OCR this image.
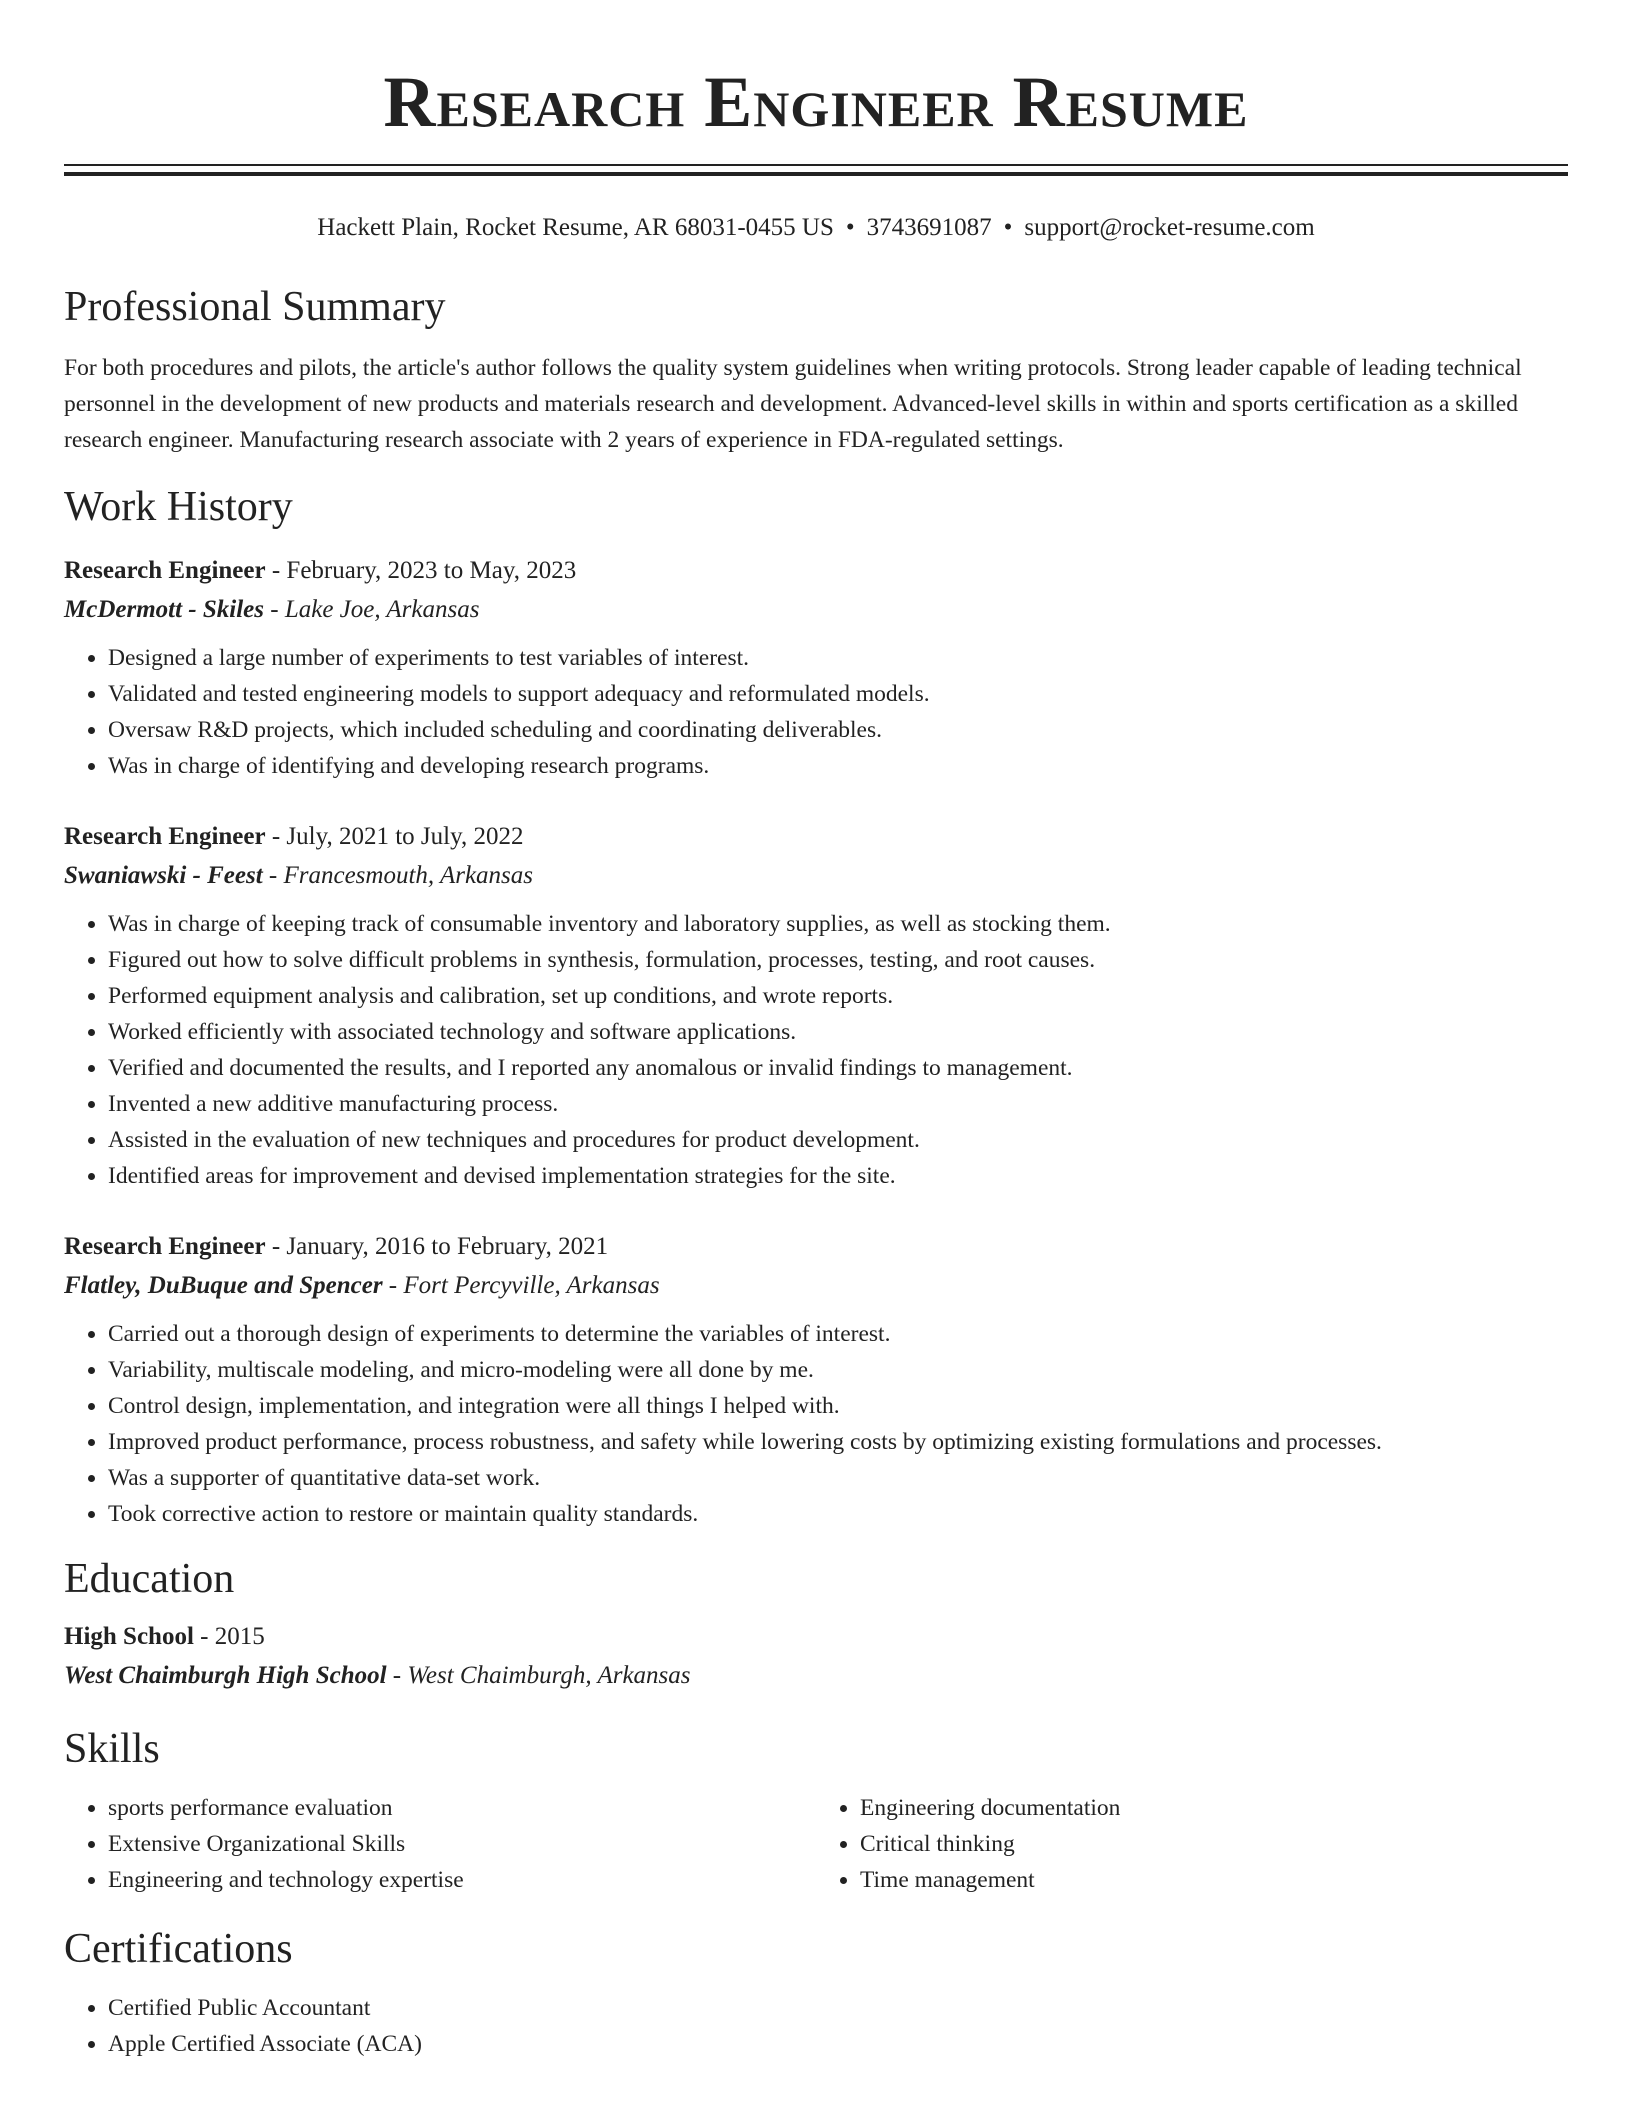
Research Engineer Resume
Hackett Plain, Rocket Resume, AR 68031-0455 US • 3743691087 • support@rocket-resume.com
Professional Summary

For both procedures and pilots, the article's author follows the quality system guidelines when writing protocols. Strong leader capable of leading technical personnel in the development of new products and materials research and development. Advanced-level skills in within and sports certification as a skilled research engineer. Manufacturing research associate with 2 years of experience in FDA-regulated settings.

Work History
Research Engineer - February, 2023 to May, 2023
McDermott - Skiles - Lake Joe, Arkansas
• Designed a large number of experiments to test variables of interest.
• Validated and tested engineering models to support adequacy and reformulated models.
• Oversaw R&D projects, which included scheduling and coordinating deliverables.
• Was in charge of identifying and developing research programs.
Research Engineer - July, 2021 to July, 2022
Swaniawski - Feest - Francesmouth, Arkansas
• Was in charge of keeping track of consumable inventory and laboratory supplies, as well as stocking them.
• Figured out how to solve difficult problems in synthesis, formulation, processes, testing, and root causes.
• Performed equipment analysis and calibration, set up conditions, and wrote reports.
• Worked efficiently with associated technology and software applications.
• Verified and documented the results, and I reported any anomalous or invalid findings to management.
• Invented a new additive manufacturing process.
• Assisted in the evaluation of new techniques and procedures for product development.
• Identified areas for improvement and devised implementation strategies for the site.
Research Engineer - January, 2016 to February, 2021
Flatley, DuBuque and Spencer - Fort Percyville, Arkansas
• Carried out a thorough design of experiments to determine the variables of interest.
• Variability, multiscale modeling, and micro-modeling were all done by me.
• Control design, implementation, and integration were all things I helped with.
• Improved product performance, process robustness, and safety while lowering costs by optimizing existing formulations and processes.
• Was a supporter of quantitative data-set work.
• Took corrective action to restore or maintain quality standards.
Education
High School - 2015
West Chaimburgh High School - West Chaimburgh, Arkansas
Skills
• sports performance evaluation
• Extensive Organizational Skills
• Engineering and technology expertise
• Engineering documentation
• Critical thinking
• Time management
Certifications
• Certified Public Accountant
• Apple Certified Associate (ACA)
